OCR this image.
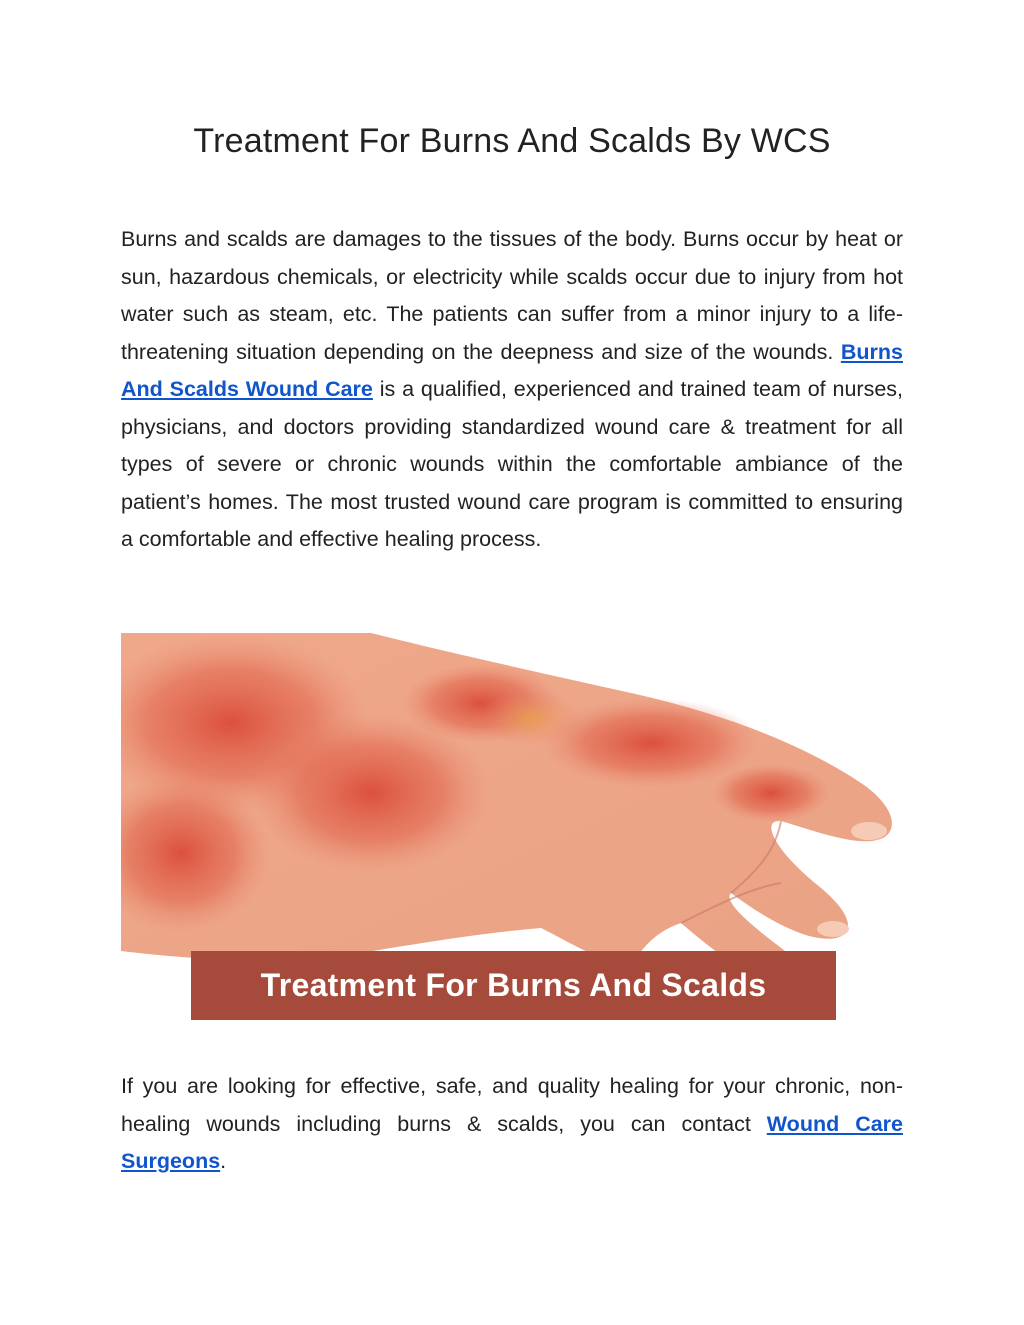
Treatment For Burns And Scalds By WCS

Burns and scalds are damages to the tissues of the body. Burns occur by heat or sun, hazardous chemicals, or electricity while scalds occur due to injury from hot water such as steam, etc. The patients can suffer from a minor injury to a life-threatening situation depending on the deepness and size of the wounds. Burns And Scalds Wound Care is a qualified, experienced and trained team of nurses, physicians, and doctors providing standardized wound care & treatment for all types of severe or chronic wounds within the comfortable ambiance of the patient’s homes. The most trusted wound care program is committed to ensuring a comfortable and effective healing process.

Treatment For Burns And Scalds

If you are looking for effective, safe, and quality healing for your chronic, non-healing wounds including burns & scalds, you can contact Wound Care Surgeons.
